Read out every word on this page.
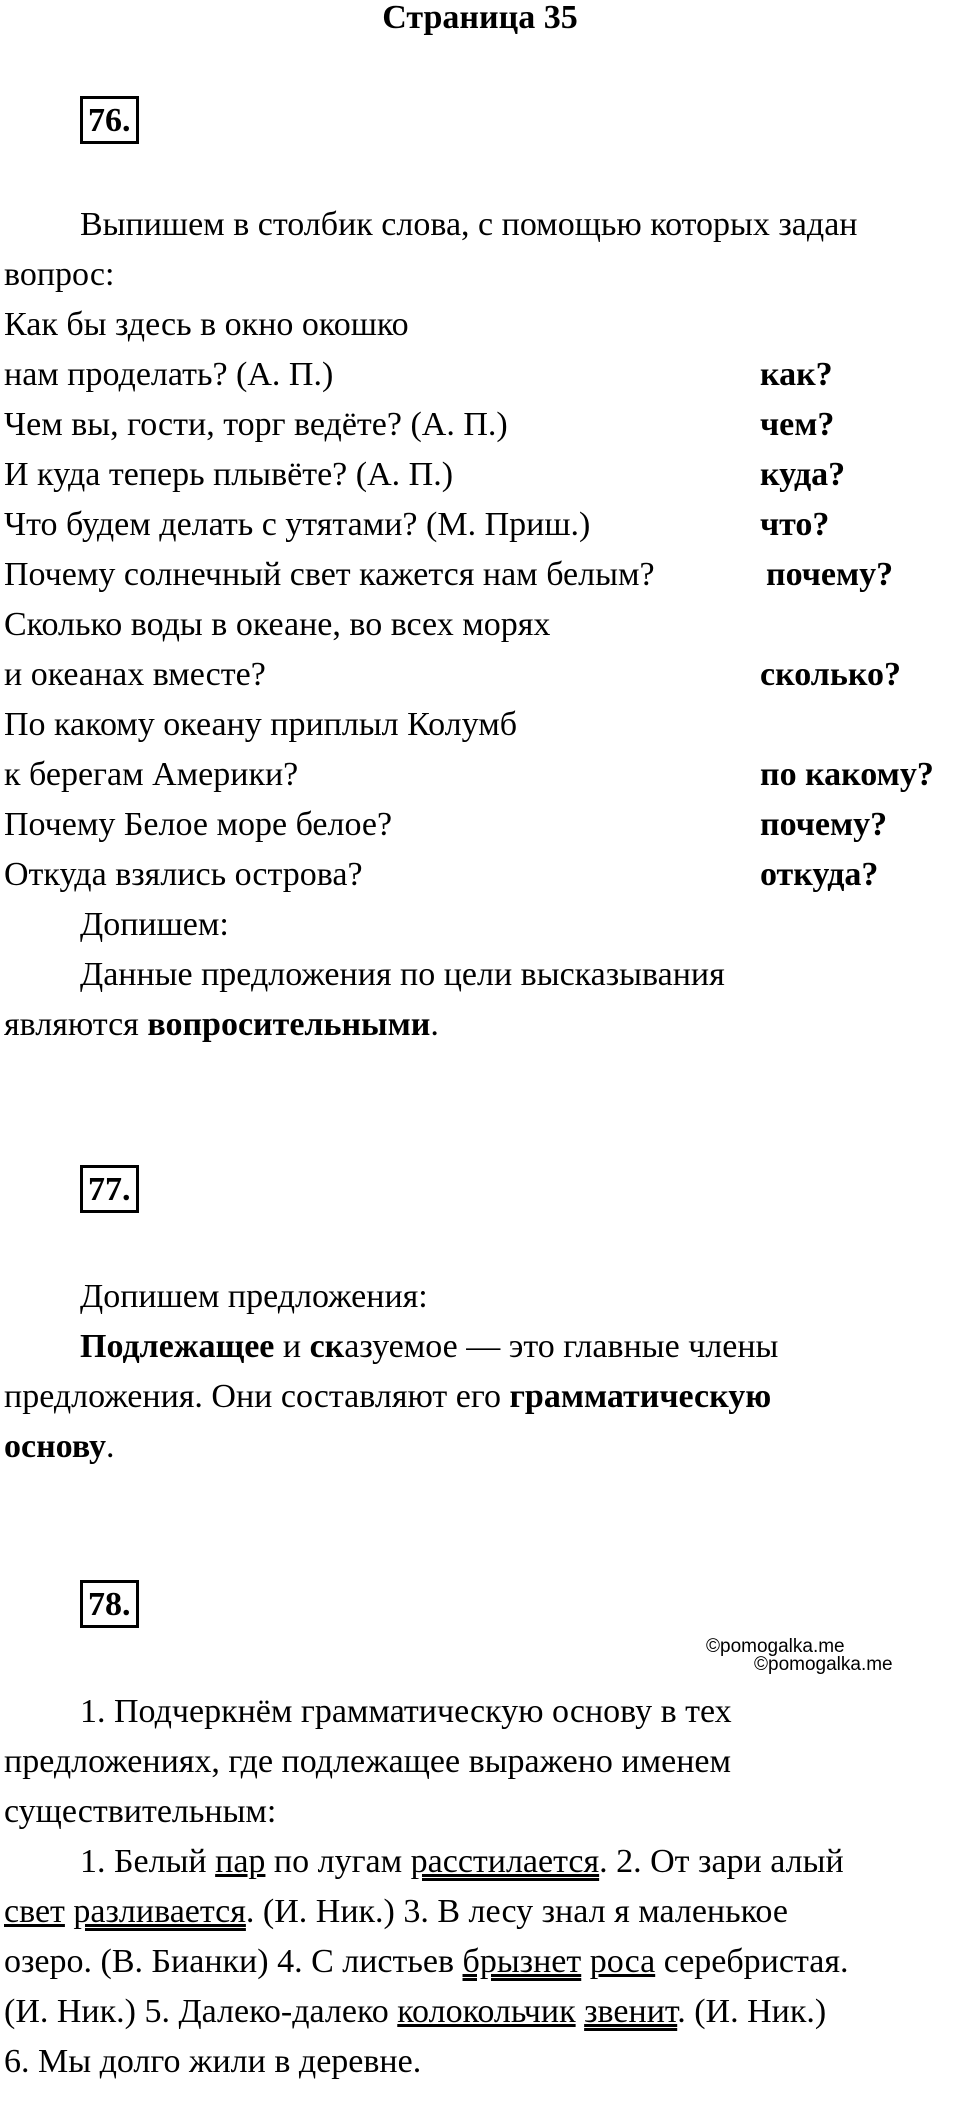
Страница 35
76.
Выпишем в столбик слова, с помощью которых задан
вопрос:
Как бы здесь в окно окошко
нам проделать? (А. П.)	как?
Чем вы, гости, торг ведёте? (А. П.)	чем?
И куда теперь плывёте? (А. П.)	куда?
Что будем делать с утятами? (М. Приш.)	что?
Почему солнечный свет кажется нам белым?	почему?
Сколько воды в океане, во всех морях
и океанах вместе?	сколько?
По какому океану приплыл Колумб
к берегам Америки?	по какому?
Почему Белое море белое?	почему?
Откуда взялись острова?	откуда?
Допишем:
Данные предложения по цели высказывания
являются вопросительными.
77.
Допишем предложения:
Подлежащее и сказуемое — это главные члены
предложения. Они составляют его грамматическую
основу.
78.
©pomogalka.me
©pomogalka.me
1. Подчеркнём грамматическую основу в тех
предложениях, где подлежащее выражено именем
существительным:
1. Белый пар по лугам расстилается. 2. От зари алый
свет разливается. (И. Ник.) 3. В лесу знал я маленькое
озеро. (В. Бианки) 4. С листьев брызнет роса серебристая.
(И. Ник.) 5. Далеко-далеко колокольчик звенит. (И. Ник.)
6. Мы долго жили в деревне.
